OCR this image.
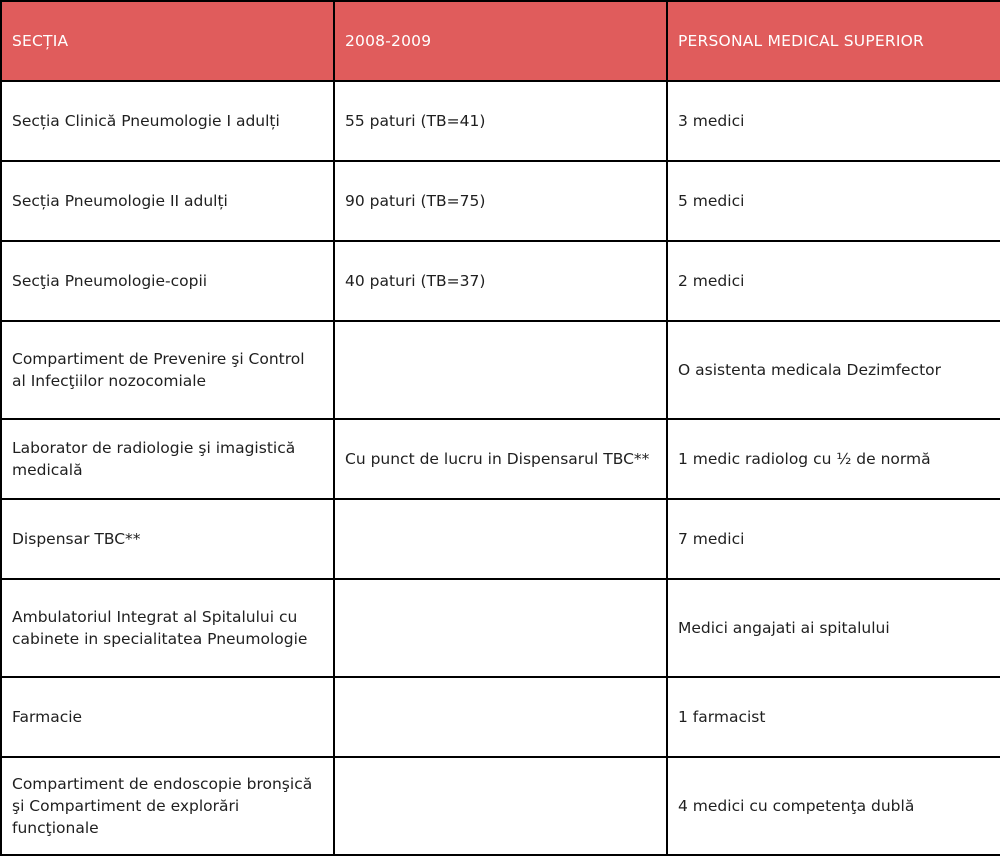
SECȚIA	2008-2009	PERSONAL MEDICAL SUPERIOR
Secția Clinică Pneumologie I adulți	55 paturi (TB=41)	3 medici
Secția Pneumologie II adulți	90 paturi (TB=75)	5 medici
Secţia Pneumologie-copii	40 paturi (TB=37)	2 medici
Compartiment de Prevenire şi Control al Infecţiilor nozocomiale		O asistenta medicala Dezimfector
Laborator de radiologie şi imagistică medicală	Cu punct de lucru in Dispensarul TBC**	1 medic radiolog cu ½ de normă
Dispensar TBC**		7 medici
Ambulatoriul Integrat al Spitalului cu cabinete in specialitatea Pneumologie		Medici angajati ai spitalului
Farmacie		1 farmacist
Compartiment de endoscopie bronşică şi Compartiment de explorări funcţionale		4 medici cu competenţa dublă
